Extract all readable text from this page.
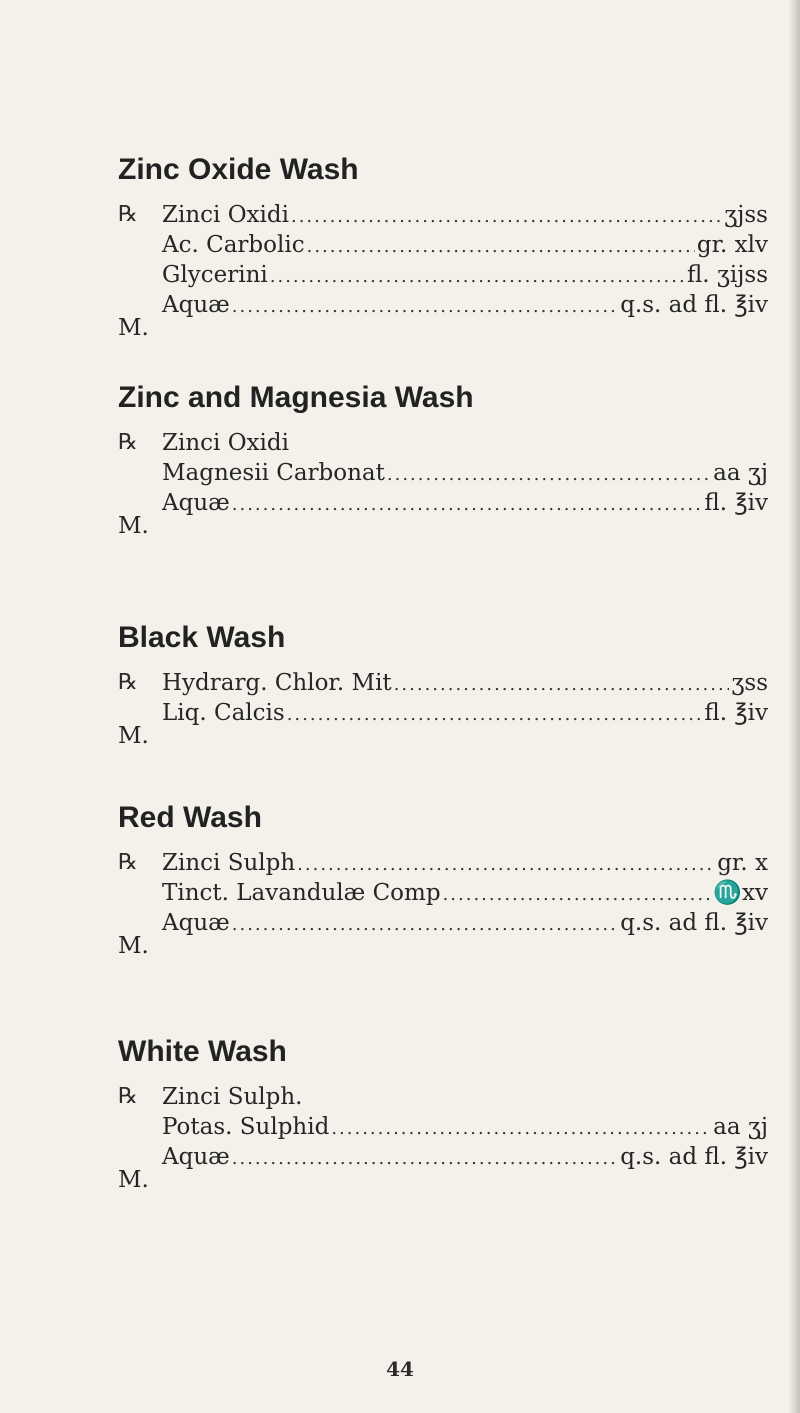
Zinc Oxide Wash
℞	Zinci Oxidi .....	ʒjss
Ac. Carbolic .....	gr. xlv
Glycerini .....	fl. ʒijss
Aquæ .....	q.s. ad fl. ℥iv
M.
Zinc and Magnesia Wash
℞	Zinci Oxidi
Magnesii Carbonat .....	aa ʒj
Aquæ .....	fl. ℥iv
M.
Black Wash
℞	Hydrarg. Chlor. Mit .....	ʒss
Liq. Calcis .....	fl. ℥iv
M.
Red Wash
℞	Zinci Sulph .....	gr. x
Tinct. Lavandulæ Comp .....	♏xv
Aquæ .....	q.s. ad fl. ℥iv
M.
White Wash
℞	Zinci Sulph.
Potas. Sulphid .....	aa ʒj
Aquæ .....	q.s. ad fl. ℥iv
M.
44
